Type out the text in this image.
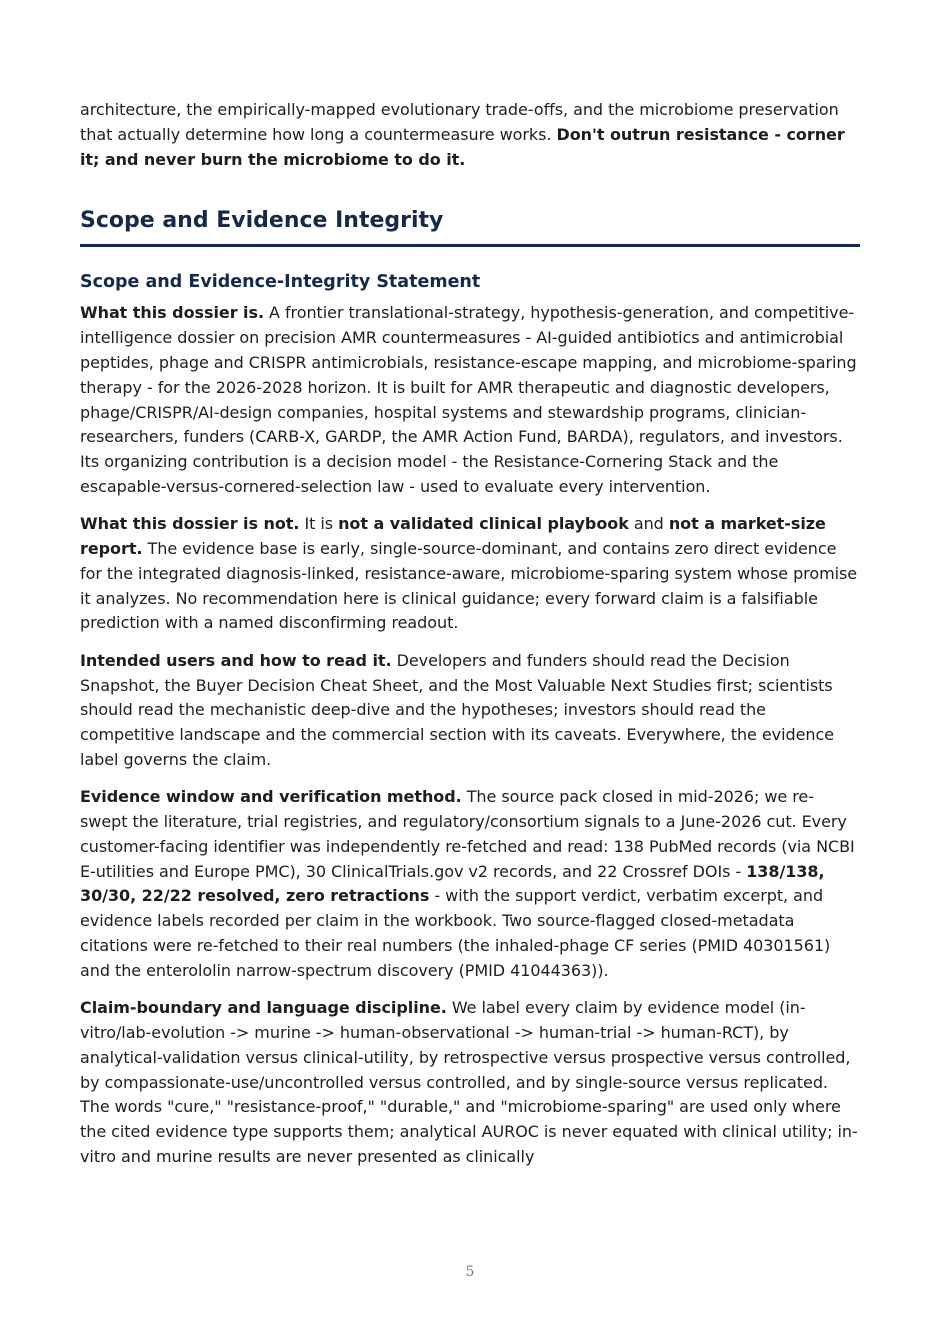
architecture, the empirically-mapped evolutionary trade-offs, and the microbiome preservation that actually determine how long a countermeasure works. Don't outrun resistance - corner it; and never burn the microbiome to do it.

Scope and Evidence Integrity
Scope and Evidence-Integrity Statement

What this dossier is. A frontier translational-strategy, hypothesis-generation, and competitive-intelligence dossier on precision AMR countermeasures - AI-guided antibiotics and antimicrobial peptides, phage and CRISPR antimicrobials, resistance-escape mapping, and microbiome-sparing therapy - for the 2026-2028 horizon. It is built for AMR therapeutic and diagnostic developers, phage/CRISPR/AI-design companies, hospital systems and stewardship programs, clinician-researchers, funders (CARB-X, GARDP, the AMR Action Fund, BARDA), regulators, and investors. Its organizing contribution is a decision model - the Resistance-Cornering Stack and the escapable-versus-cornered-selection law - used to evaluate every intervention.

What this dossier is not. It is not a validated clinical playbook and not a market-size report. The evidence base is early, single-source-dominant, and contains zero direct evidence for the integrated diagnosis-linked, resistance-aware, microbiome-sparing system whose promise it analyzes. No recommendation here is clinical guidance; every forward claim is a falsifiable prediction with a named disconfirming readout.

Intended users and how to read it. Developers and funders should read the Decision Snapshot, the Buyer Decision Cheat Sheet, and the Most Valuable Next Studies first; scientists should read the mechanistic deep-dive and the hypotheses; investors should read the competitive landscape and the commercial section with its caveats. Everywhere, the evidence label governs the claim.

Evidence window and verification method. The source pack closed in mid-2026; we re-swept the literature, trial registries, and regulatory/consortium signals to a June-2026 cut. Every customer-facing identifier was independently re-fetched and read: 138 PubMed records (via NCBI E-utilities and Europe PMC), 30 ClinicalTrials.gov v2 records, and 22 Crossref DOIs - 138/138, 30/30, 22/22 resolved, zero retractions - with the support verdict, verbatim excerpt, and evidence labels recorded per claim in the workbook. Two source-flagged closed-metadata citations were re-fetched to their real numbers (the inhaled-phage CF series (PMID 40301561) and the enterololin narrow-spectrum discovery (PMID 41044363)).

Claim-boundary and language discipline. We label every claim by evidence model (in-vitro/lab-evolution -> murine -> human-observational -> human-trial -> human-RCT), by analytical-validation versus clinical-utility, by retrospective versus prospective versus controlled, by compassionate-use/uncontrolled versus controlled, and by single-source versus replicated. The words "cure," "resistance-proof," "durable," and "microbiome-sparing" are used only where the cited evidence type supports them; analytical AUROC is never equated with clinical utility; in-vitro and murine results are never presented as clinically

5
